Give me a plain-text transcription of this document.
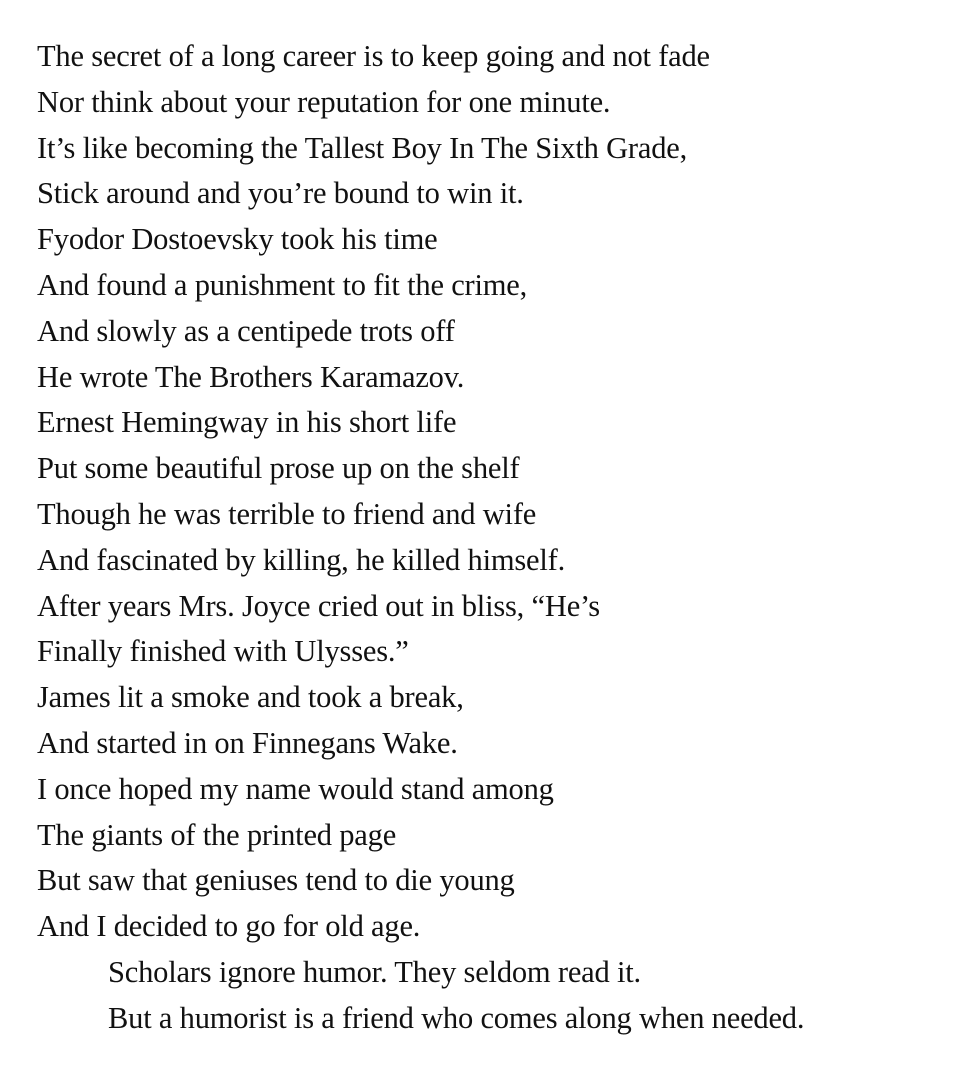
The secret of a long career is to keep going and not fade
Nor think about your reputation for one minute.
It’s like becoming the Tallest Boy In The Sixth Grade,
Stick around and you’re bound to win it.
Fyodor Dostoevsky took his time
And found a punishment to fit the crime,
And slowly as a centipede trots off
He wrote The Brothers Karamazov.
Ernest Hemingway in his short life
Put some beautiful prose up on the shelf
Though he was terrible to friend and wife
And fascinated by killing, he killed himself.
After years Mrs. Joyce cried out in bliss, “He’s
Finally finished with Ulysses.”
James lit a smoke and took a break,
And started in on Finnegans Wake.
I once hoped my name would stand among
The giants of the printed page
But saw that geniuses tend to die young
And I decided to go for old age.
Scholars ignore humor. They seldom read it.
But a humorist is a friend who comes along when needed.
